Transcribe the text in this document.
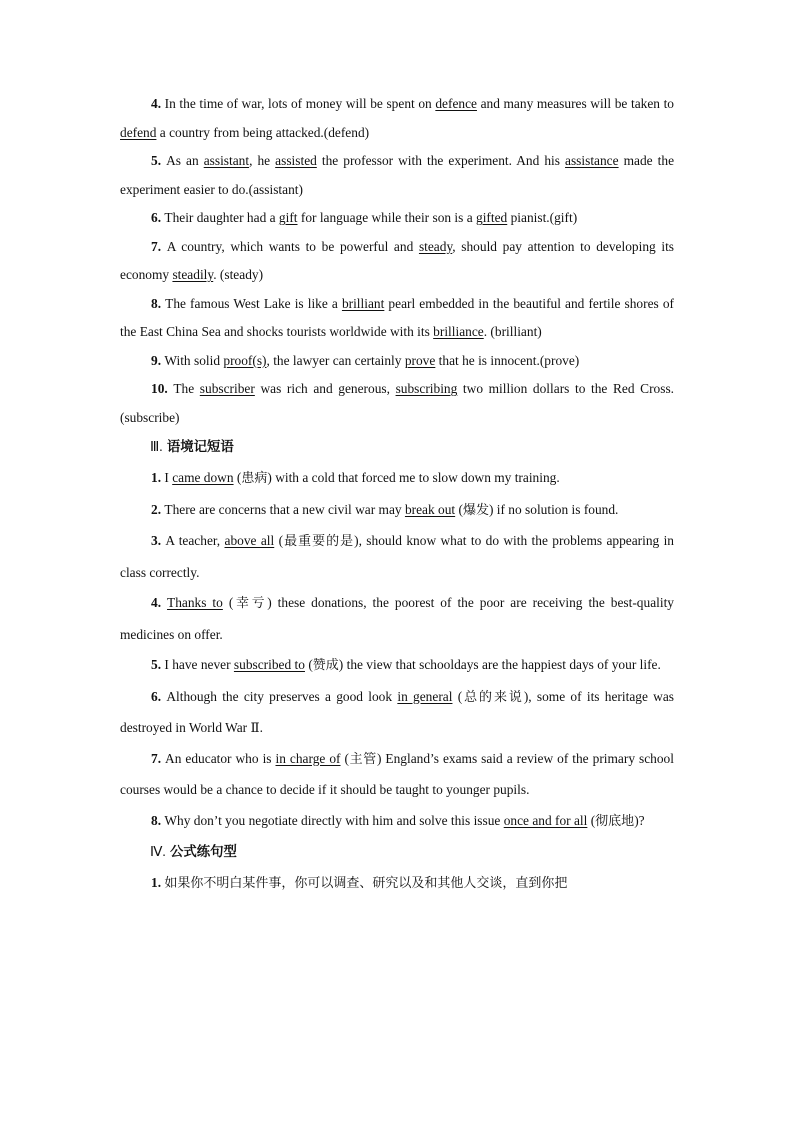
4. In the time of war, lots of money will be spent on defence and many measures will be taken to defend a country from being attacked.(defend)

5. As an assistant, he assisted the professor with the experiment. And his assistance made the experiment easier to do.(assistant)

6. Their daughter had a gift for language while their son is a gifted pianist.(gift)

7. A country, which wants to be powerful and steady, should pay attention to developing its economy steadily. (steady)

8. The famous West Lake is like a brilliant pearl embedded in the beautiful and fertile shores of the East China Sea and shocks tourists worldwide with its brilliance. (brilliant)

9. With solid proof(s), the lawyer can certainly prove that he is innocent.(prove)

10. The subscriber was rich and generous, subscribing two million dollars to the Red Cross.(subscribe)

Ⅲ. 语境记短语

1. I came down (患病) with a cold that forced me to slow down my training.

2. There are concerns that a new civil war may break out (爆发) if no solution is found.

3. A teacher, above all (最重要的是), should know what to do with the problems appearing in class correctly.

4. Thanks to (幸亏) these donations, the poorest of the poor are receiving the best-quality medicines on offer.

5. I have never subscribed to (赞成) the view that schooldays are the happiest days of your life.

6. Although the city preserves a good look in general (总的来说), some of its heritage was destroyed in World War Ⅱ.

7. An educator who is in charge of (主管) England’s exams said a review of the primary school courses would be a chance to decide if it should be taught to younger pupils.

8. Why don’t you negotiate directly with him and solve this issue once and for all (彻底地)?

Ⅳ. 公式练句型

1. 如果你不明白某件事，你可以调查、研究以及和其他人交谈，直到你把
